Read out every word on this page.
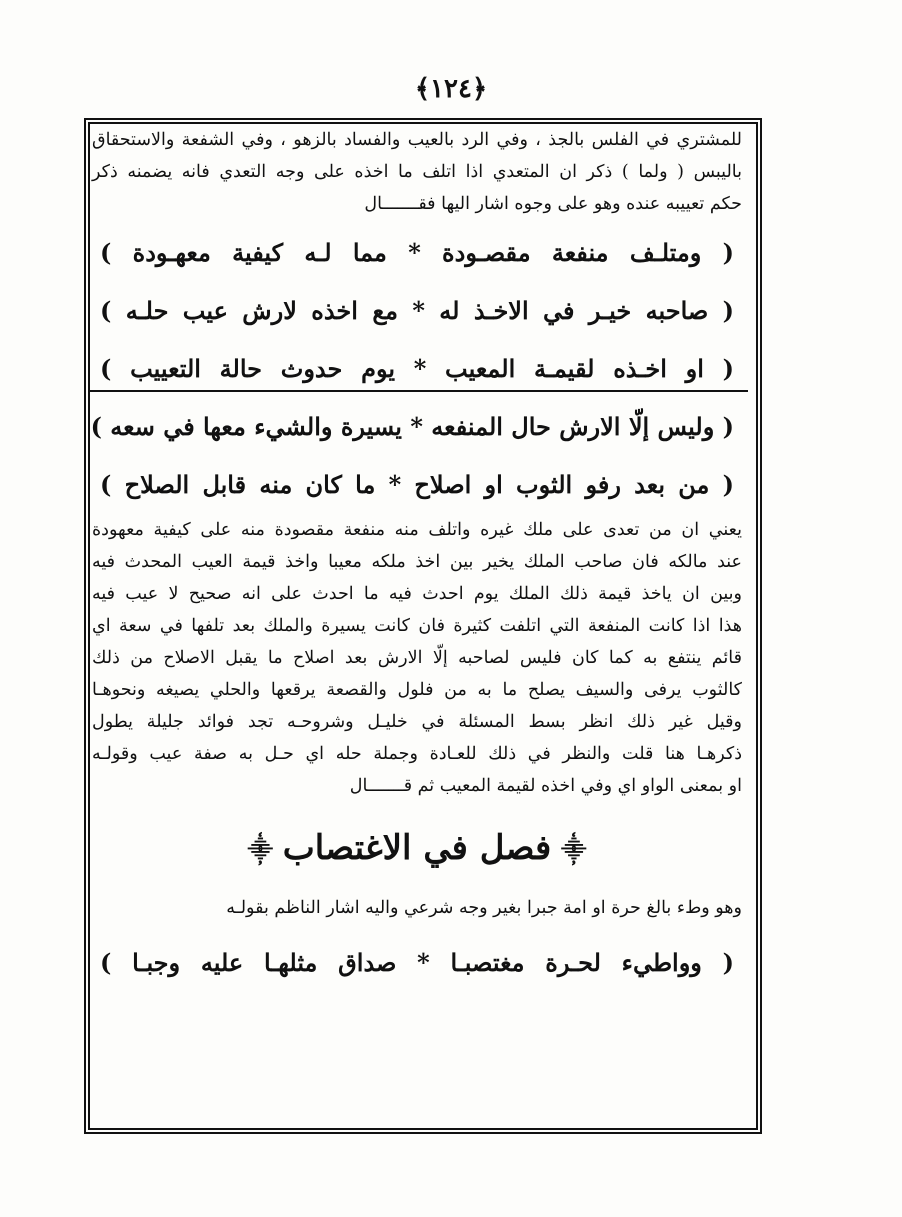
﴿١٢٤﴾

للمشتري في الفلس بالجذ ، وفي الرد بالعيب والفساد بالزهو ، وفي الشفعة والاستحقاق

باليبس ( ولما ) ذكر ان المتعدي اذا اتلف ما اخذه على وجه التعدي فانه يضمنه ذكر

حكم تعييبه عنده وهو على وجوه اشار اليها فقـــــــال

( ومتلـف منفعة مقصـودة * مما لـه كيفية معهـودة )
( صاحبه خيـر في الاخـذ له * مع اخذه لارش عيب حلـه )
( او اخـذه لقيمـة المعيب * يوم حدوث حالة التعييب )
( وليس إلّا الارش حال المنفعه * يسيرة والشيء معها في سعه )
( من بعد رفو الثوب او اصلاح * ما كان منه قابل الصلاح )

يعني ان من تعدى على ملك غيره واتلف منه منفعة مقصودة منه على كيفية معهودة

عند مالكه فان صاحب الملك يخير بين اخذ ملكه معيبا واخذ قيمة العيب المحدث فيه

وبين ان ياخذ قيمة ذلك الملك يوم احدث فيه ما احدث على انه صحيح لا عيب فيه

هذا اذا كانت المنفعة التي اتلفت كثيرة فان كانت يسيرة والملك بعد تلفها في سعة اي

قائم ينتفع به كما كان فليس لصاحبه إلّا الارش بعد اصلاح ما يقبل الاصلاح من ذلك

كالثوب يرفى والسيف يصلح ما به من فلول والقصعة يرقعها والحلي يصيغه ونحوهـا

وقيل غير ذلك انظر بسط المسئلة في خليـل وشروحـه تجد فوائد جليلة يطول

ذكرهـا هنا قلت والنظر في ذلك للعـادة وجملة حله اي حـل به صفة عيب وقولـه

او بمعنى الواو اي وفي اخذه لقيمة المعيب ثم قـــــــال

⸎فصل في الاغتصاب⸎

وهو وطء بالغ حرة او امة جبرا بغير وجه شرعي واليه اشار الناظم بقولـه

( وواطيء لحـرة مغتصبـا * صداق مثلهـا عليه وجبـا )
